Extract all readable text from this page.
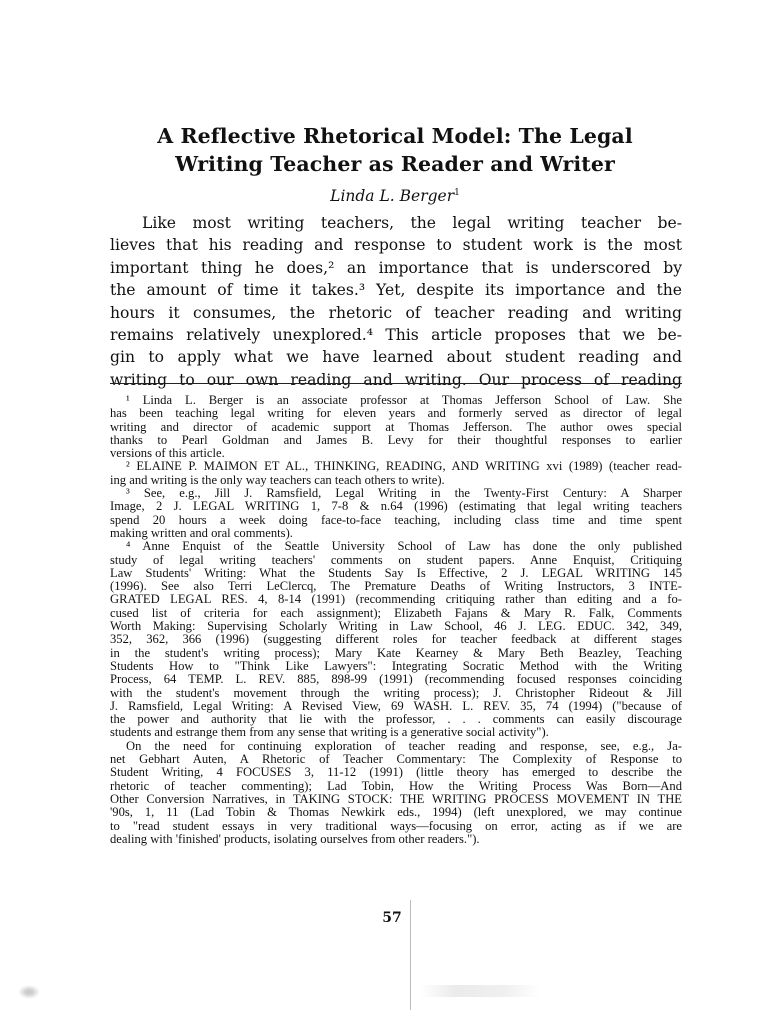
A Reflective Rhetorical Model: The Legal
Writing Teacher as Reader and Writer
Linda L. Berger$^1$
Like most writing teachers, the legal writing teacher be-
lieves that his reading and response to student work is the most
important thing he does,² an importance that is underscored by
the amount of time it takes.³ Yet, despite its importance and the
hours it consumes, the rhetoric of teacher reading and writing
remains relatively unexplored.⁴ This article proposes that we be-
gin to apply what we have learned about student reading and
writing to our own reading and writing. Our process of reading
¹ Linda L. Berger is an associate professor at Thomas Jefferson School of Law. She
has been teaching legal writing for eleven years and formerly served as director of legal
writing and director of academic support at Thomas Jefferson. The author owes special
thanks to Pearl Goldman and James B. Levy for their thoughtful responses to earlier
versions of this article.
² ELAINE P. MAIMON ET AL., THINKING, READING, AND WRITING xvi (1989) (teacher read-
ing and writing is the only way teachers can teach others to write).
³ See, e.g., Jill J. Ramsfield, Legal Writing in the Twenty-First Century: A Sharper
Image, 2 J. LEGAL WRITING 1, 7-8 & n.64 (1996) (estimating that legal writing teachers
spend 20 hours a week doing face-to-face teaching, including class time and time spent
making written and oral comments).
⁴ Anne Enquist of the Seattle University School of Law has done the only published
study of legal writing teachers' comments on student papers. Anne Enquist, Critiquing
Law Students' Writing: What the Students Say Is Effective, 2 J. LEGAL WRITING 145
(1996). See also Terri LeClercq, The Premature Deaths of Writing Instructors, 3 INTE-
GRATED LEGAL RES. 4, 8-14 (1991) (recommending critiquing rather than editing and a fo-
cused list of criteria for each assignment); Elizabeth Fajans & Mary R. Falk, Comments
Worth Making: Supervising Scholarly Writing in Law School, 46 J. LEG. EDUC. 342, 349,
352, 362, 366 (1996) (suggesting different roles for teacher feedback at different stages
in the student's writing process); Mary Kate Kearney & Mary Beth Beazley, Teaching
Students How to "Think Like Lawyers": Integrating Socratic Method with the Writing
Process, 64 TEMP. L. REV. 885, 898-99 (1991) (recommending focused responses coinciding
with the student's movement through the writing process); J. Christopher Rideout & Jill
J. Ramsfield, Legal Writing: A Revised View, 69 WASH. L. REV. 35, 74 (1994) ("because of
the power and authority that lie with the professor, . . . comments can easily discourage
students and estrange them from any sense that writing is a generative social activity").
On the need for continuing exploration of teacher reading and response, see, e.g., Ja-
net Gebhart Auten, A Rhetoric of Teacher Commentary: The Complexity of Response to
Student Writing, 4 FOCUSES 3, 11-12 (1991) (little theory has emerged to describe the
rhetoric of teacher commenting); Lad Tobin, How the Writing Process Was Born—And
Other Conversion Narratives, in TAKING STOCK: THE WRITING PROCESS MOVEMENT IN THE
'90s, 1, 11 (Lad Tobin & Thomas Newkirk eds., 1994) (left unexplored, we may continue
to "read student essays in very traditional ways—focusing on error, acting as if we are
dealing with 'finished' products, isolating ourselves from other readers.").
57
